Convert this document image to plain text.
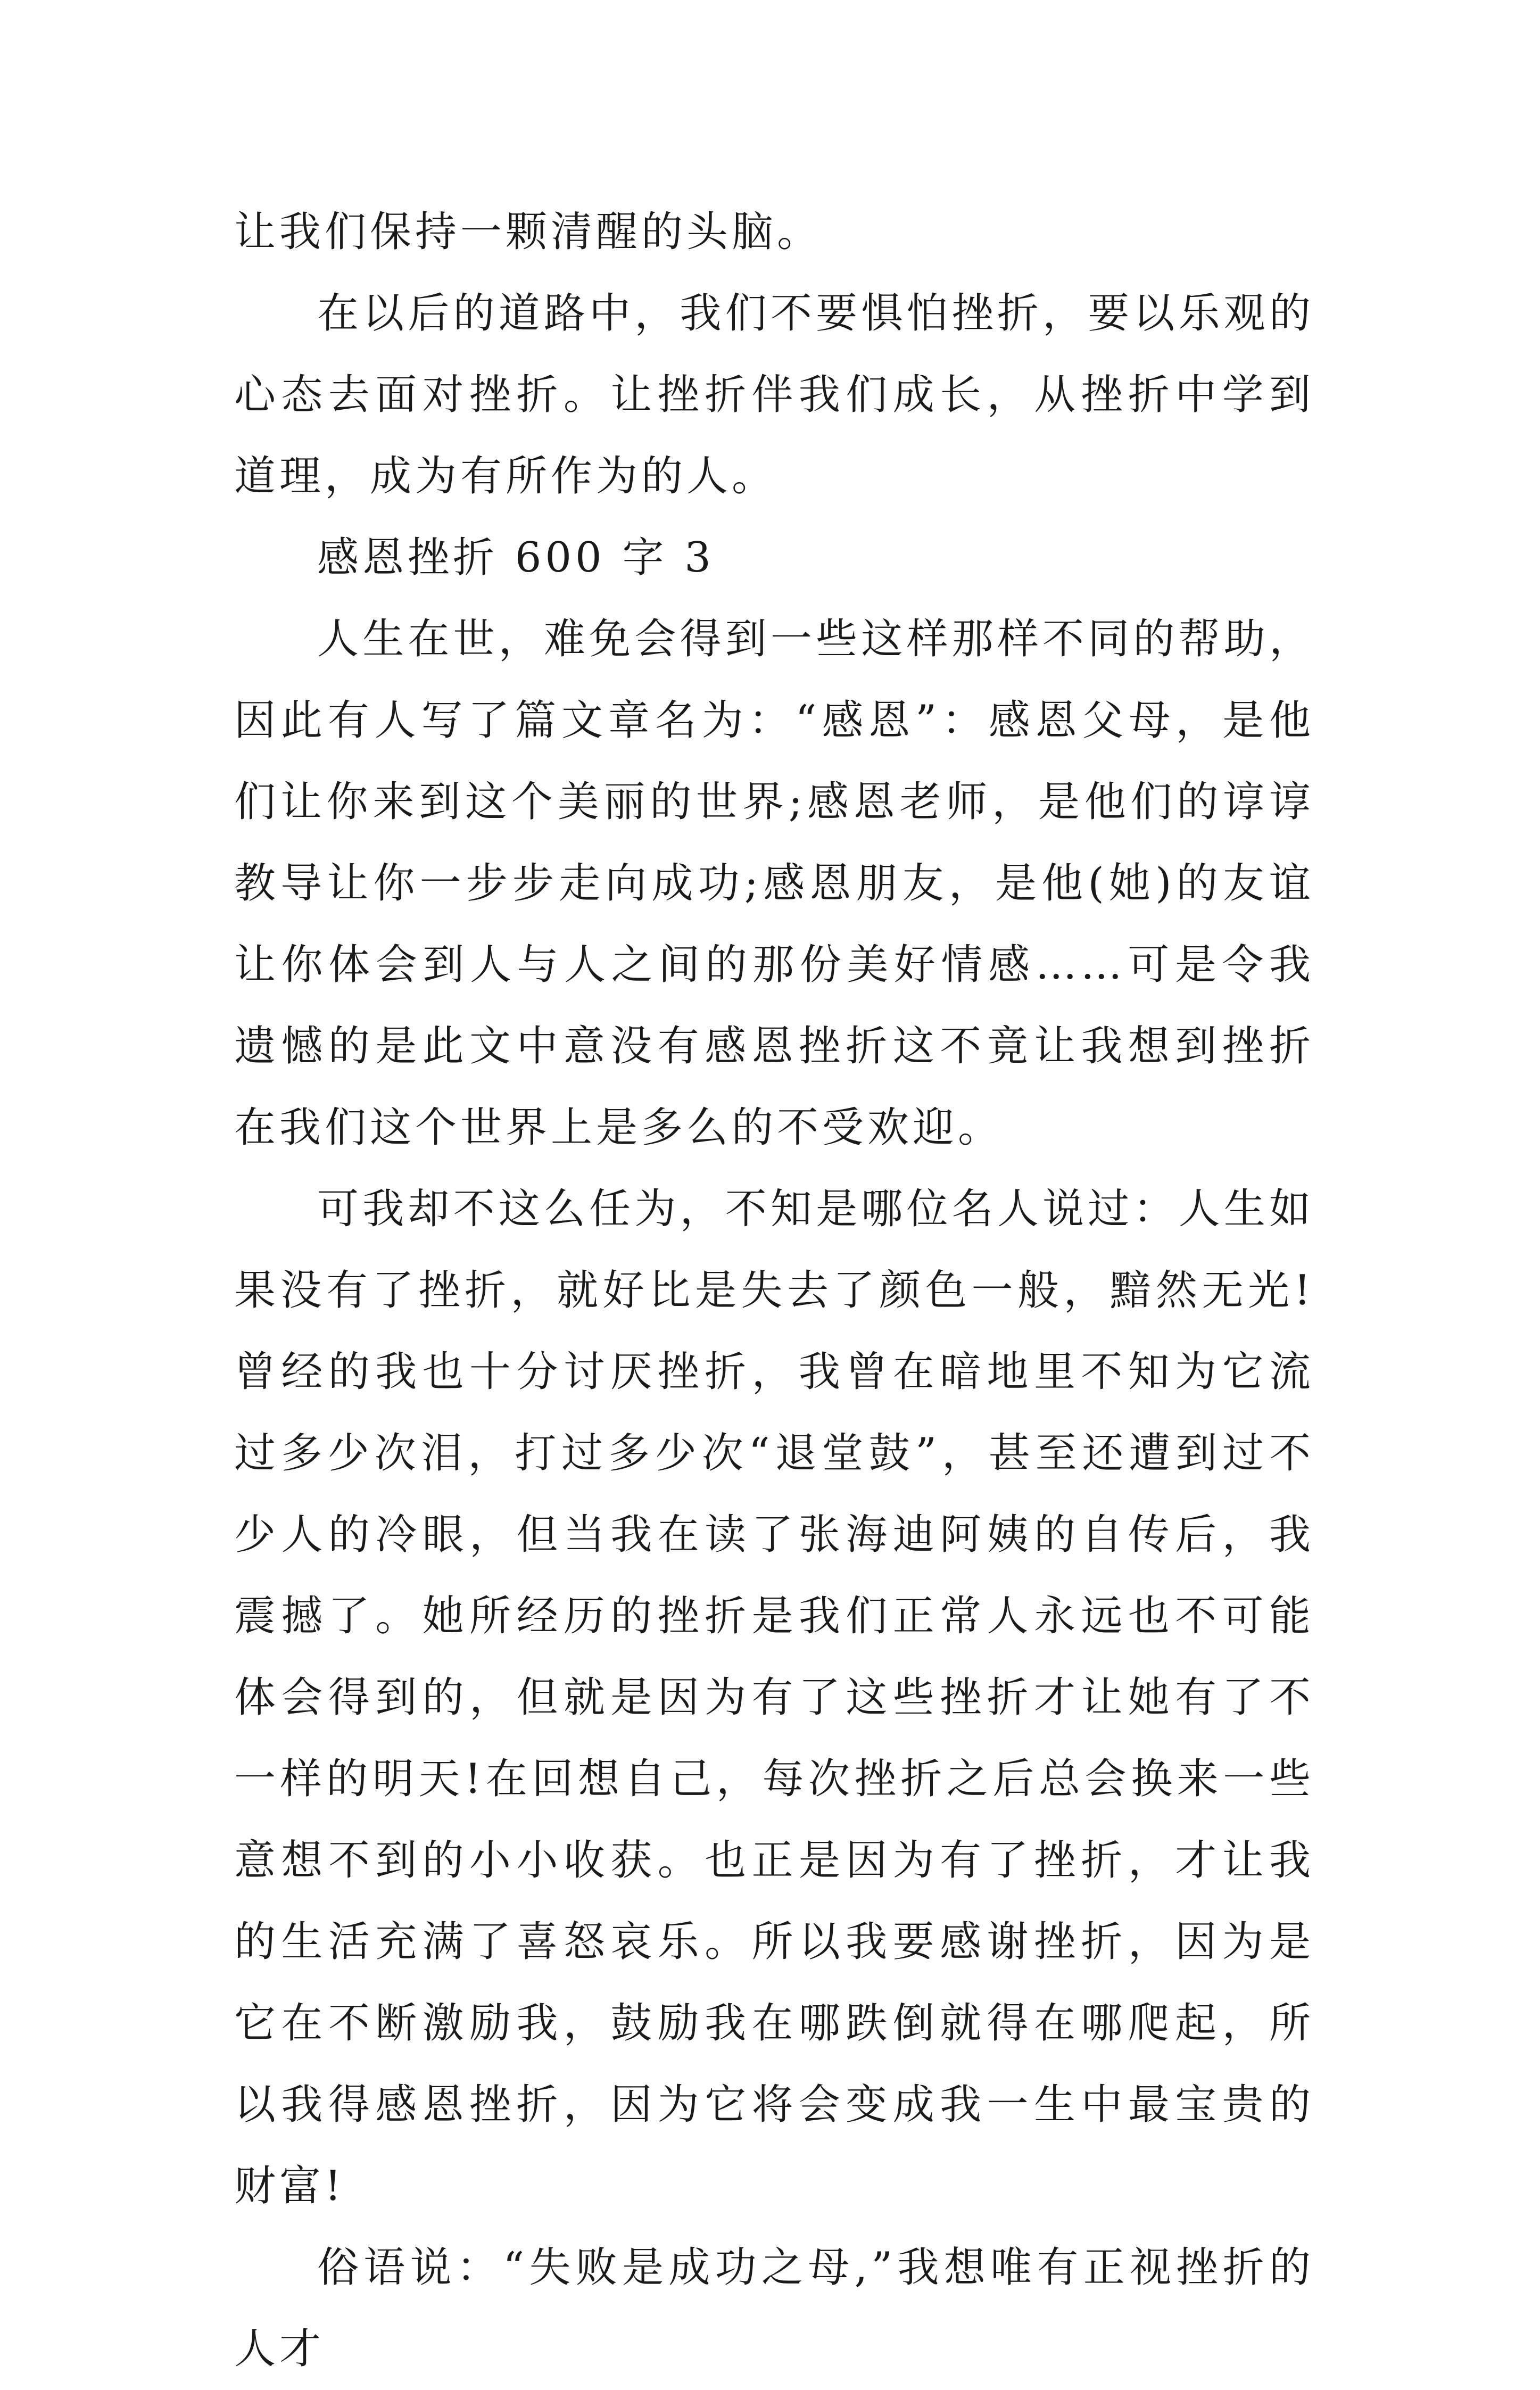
让我们保持一颗清醒的头脑。

在以后的道路中，我们不要惧怕挫折，要以乐观的心态去面对挫折。让挫折伴我们成长，从挫折中学到道理，成为有所作为的人。

感恩挫折 600 字 3

人生在世，难免会得到一些这样那样不同的帮助，因此有人写了篇文章名为：“感恩”：感恩父母，是他们让你来到这个美丽的世界;感恩老师，是他们的谆谆教导让你一步步走向成功;感恩朋友，是他(她)的友谊让你体会到人与人之间的那份美好情感……可是令我遗憾的是此文中意没有感恩挫折这不竟让我想到挫折在我们这个世界上是多么的不受欢迎。

可我却不这么任为，不知是哪位名人说过：人生如果没有了挫折，就好比是失去了颜色一般，黯然无光!曾经的我也十分讨厌挫折，我曾在暗地里不知为它流过多少次泪，打过多少次“退堂鼓”，甚至还遭到过不少人的冷眼，但当我在读了张海迪阿姨的自传后，我震撼了。她所经历的挫折是我们正常人永远也不可能体会得到的，但就是因为有了这些挫折才让她有了不一样的明天!在回想自己，每次挫折之后总会换来一些意想不到的小小收获。也正是因为有了挫折，才让我的生活充满了喜怒哀乐。所以我要感谢挫折，因为是它在不断激励我，鼓励我在哪跌倒就得在哪爬起，所以我得感恩挫折，因为它将会变成我一生中最宝贵的财富!

俗语说：“失败是成功之母,”我想唯有正视挫折的人才
